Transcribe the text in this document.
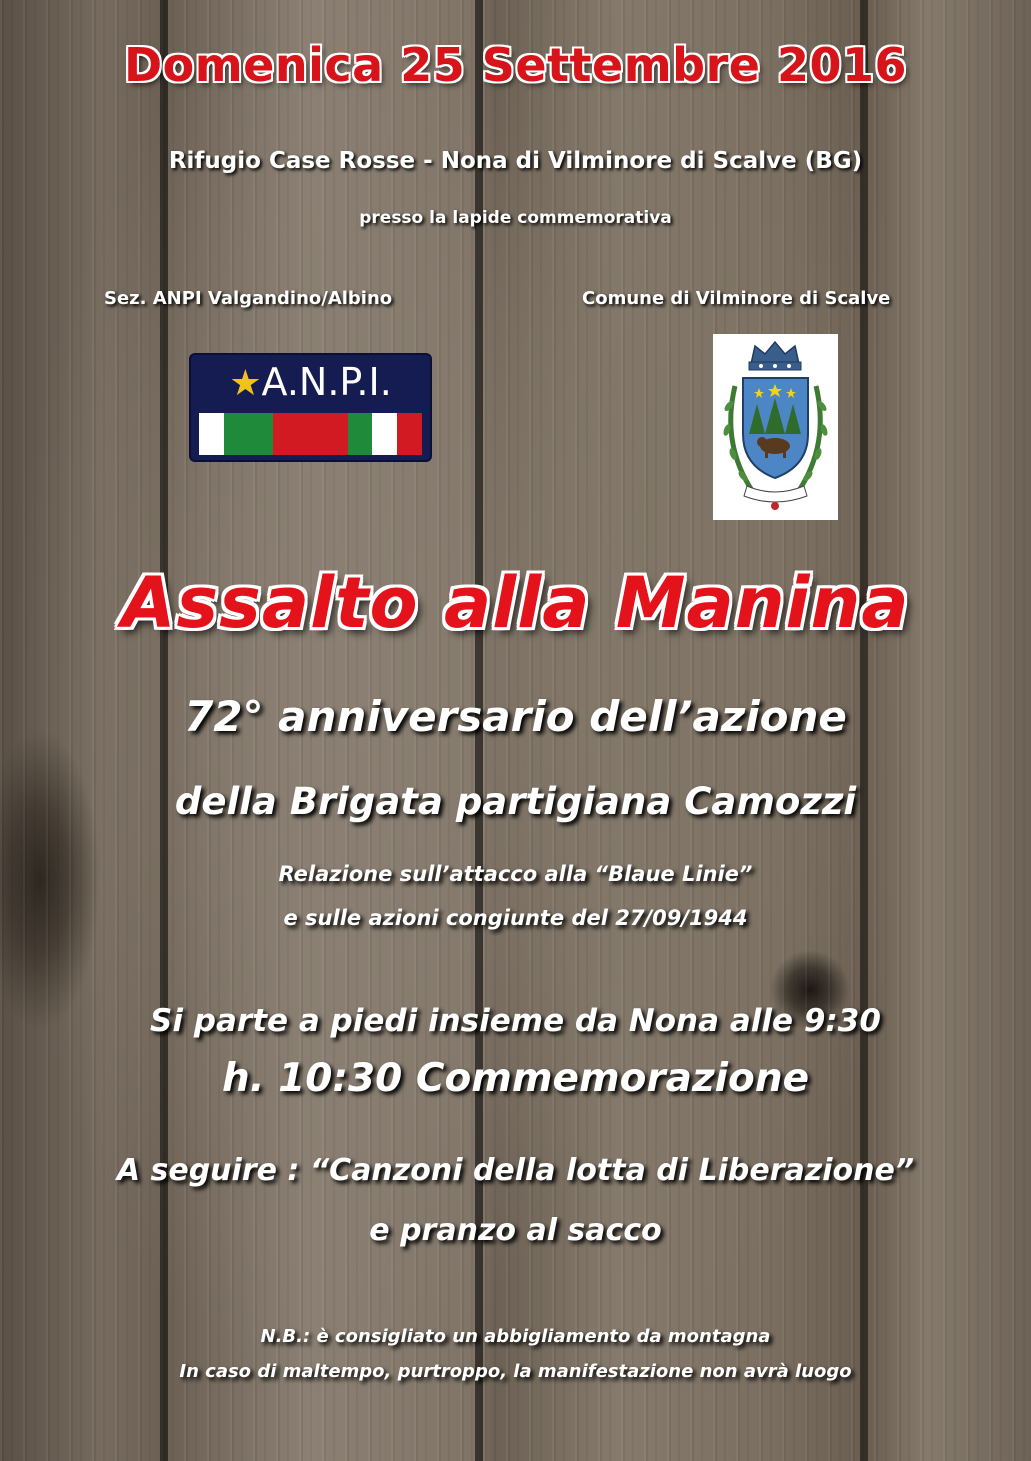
Domenica 25 Settembre 2016
Rifugio Case Rosse - Nona di Vilminore di Scalve (BG)
presso la lapide commemorativa
Sez. ANPI Valgandino/Albino	Comune di Vilminore di Scalve
★A.N.P.I.
Assalto alla Manina
72° anniversario dell’azione
della Brigata partigiana Camozzi
Relazione sull’attacco alla “Blaue Linie”
e sulle azioni congiunte del 27/09/1944
Si parte a piedi insieme da Nona alle 9:30
h. 10:30 Commemorazione
A seguire : “Canzoni della lotta di Liberazione”
e pranzo al sacco
N.B.: è consigliato un abbigliamento da montagna
In caso di maltempo, purtroppo, la manifestazione non avrà luogo
